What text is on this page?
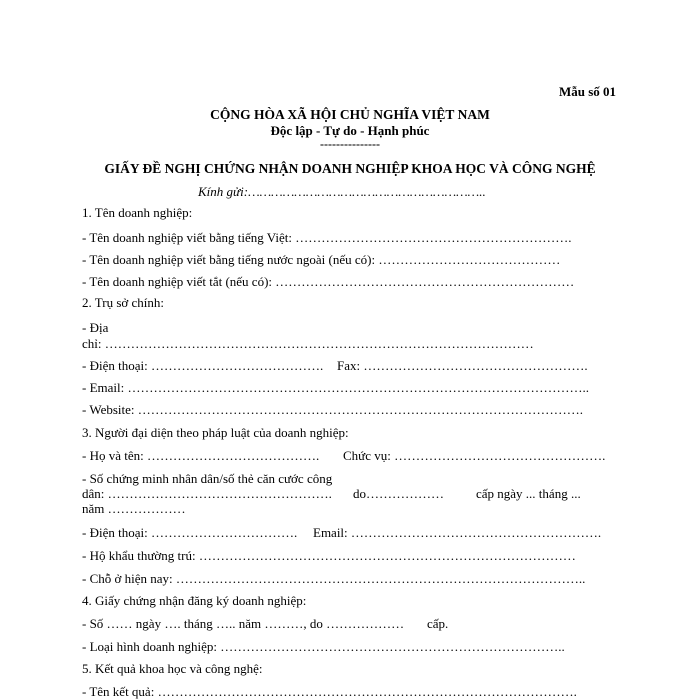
Mẫu số 01
CỘNG HÒA XÃ HỘI CHỦ NGHĨA VIỆT NAM
Độc lập - Tự do - Hạnh phúc
---------------
GIẤY ĐỀ NGHỊ CHỨNG NHẬN DOANH NGHIỆP KHOA HỌC VÀ CÔNG NGHỆ
Kính gửi:……………………………………………………..
1. Tên doanh nghiệp:
- Tên doanh nghiệp viết bằng tiếng Việt: ……………………………………………………….
- Tên doanh nghiệp viết bằng tiếng nước ngoài (nếu có): ……………………………………
- Tên doanh nghiệp viết tắt (nếu có): ……………………………………………………………
2. Trụ sở chính:
- Địa
chỉ: ………………………………………………………………………………………
- Điện thoại: …………………………………. Fax: …………………………………………….
- Email: ……………………………………………………………………………………………..
- Website: ………………………………………………………………………………………….
3. Người đại diện theo pháp luật của doanh nghiệp:
- Họ và tên: …………………………………. Chức vụ: ………………………………………….
- Số chứng minh nhân dân/số thẻ căn cước công
dân: ……………………………………………. do……………… cấp ngày ... tháng ...
năm ………………
- Điện thoại: ……………………………. Email: ………………………………………………….
- Hộ khẩu thường trú: ……………………………………………………………………………
- Chỗ ở hiện nay: …………………………………………………………………………………..
4. Giấy chứng nhận đăng ký doanh nghiệp:
- Số …… ngày …. tháng ….. năm ………, do ……………… cấp.
- Loại hình doanh nghiệp: ……………………………………………………………………..
5. Kết quả khoa học và công nghệ:
- Tên kết quả: …………………………………………………………………………………….
